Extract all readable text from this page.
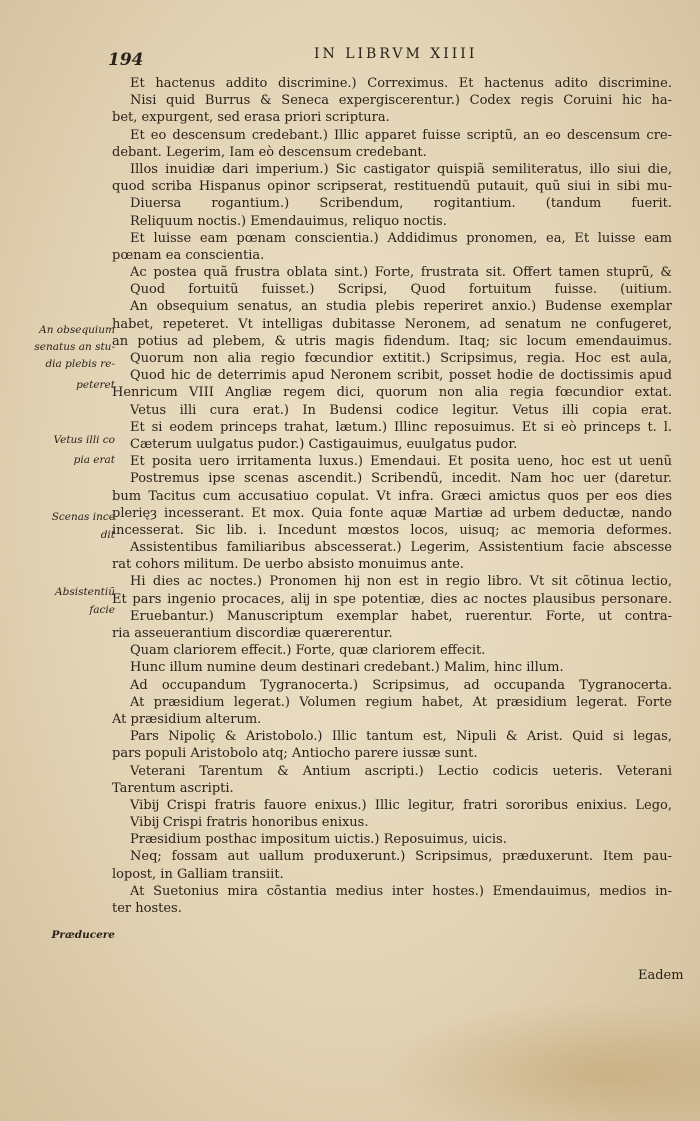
194	IN LIBRVM XIIII
An obsequium
senatus an stu-
dia plebis re-
peteret
Vetus illi co
pia erat
Scenas ince
dit
Absistentiũ
facie
Præducere
Et hactenus addito discrimine.) Correximus. Et hactenus adito discrimine.
Nisi quid Burrus & Seneca expergiscerentur.) Codex regis Coruini hic ha-
bet, expurgent, sed erasa priori scriptura.
Et eo descensum credebant.) Illic apparet fuisse scriptũ, an eo descensum cre-
debant. Legerim, Iam eò descensum credebant.
Illos inuidiæ dari imperium.) Sic castigator quispiã semiliteratus, illo siui die,
quod scriba Hispanus opinor scripserat, restituendũ putauit, quũ siui in sibi mu-
Diuersa rogantium.) Scribendum, rogitantium. (tandum fuerit.
Reliquum noctis.) Emendauimus, reliquo noctis.
Et luisse eam pœnam conscientia.) Addidimus pronomen, ea, Et luisse eam
pœnam ea conscientia.
Ac postea quã frustra oblata sint.) Forte, frustrata sit. Offert tamen stuprũ, &
Quod fortuitũ fuisset.) Scripsi, Quod fortuitum fuisse. (uitium.
An obsequium senatus, an studia plebis reperiret anxio.) Budense exemplar
habet, repeteret. Vt intelligas dubitasse Neronem, ad senatum ne confugeret,
an potius ad plebem, & utris magis fidendum. Itaq; sic locum emendauimus.
Quorum non alia regio fœcundior extitit.) Scripsimus, regia. Hoc est aula,
Quod hic de deterrimis apud Neronem scribit, posset hodie de doctissimis apud
Henricum VIII Angliæ regem dici, quorum non alia regia fœcundior extat.
Vetus illi cura erat.) In Budensi codice legitur. Vetus illi copia erat.
Et si eodem princeps trahat, lætum.) Illinc reposuimus. Et si eò princeps t. l.
Cæterum uulgatus pudor.) Castigauimus, euulgatus pudor.
Et posita uero irritamenta luxus.) Emendaui. Et posita ueno, hoc est ut uenũ
Postremus ipse scenas ascendit.) Scribendũ, incedit. Nam hoc uer (daretur.
bum Tacitus cum accusatiuo copulat. Vt infra. Græci amictus quos per eos dies
plerięȝ incesserant. Et mox. Quia fonte aquæ Martiæ ad urbem deductæ, nando
incesserat. Sic lib. i. Incedunt mœstos locos, uisuq; ac memoria deformes.
Assistentibus familiaribus abscesserat.) Legerim, Assistentium facie abscesse
rat cohors militum. De uerbo absisto monuimus ante.
Hi dies ac noctes.) Pronomen hĳ non est in regio libro. Vt sit cõtinua lectio,
Et pars ingenio procaces, alĳ in spe potentiæ, dies ac noctes plausibus personare.
Eruebantur.) Manuscriptum exemplar habet, ruerentur. Forte, ut contra-
ria asseuerantium discordiæ quærerentur.
Quam clariorem effecit.) Forte, quæ clariorem effecit.
Hunc illum numine deum destinari credebant.) Malim, hinc illum.
Ad occupandum Tygranocerta.) Scripsimus, ad occupanda Tygranocerta.
At præsidium legerat.) Volumen regium habet, At præsidium legerat. Forte
At præsidium alterum.
Pars Nipoliç & Aristobolo.) Illic tantum est, Nipuli & Arist. Quid si legas,
pars populi Aristobolo atq; Antiocho parere iussæ sunt.
Veterani Tarentum & Antium ascripti.) Lectio codicis ueteris. Veterani
Tarentum ascripti.
Vibĳ Crispi fratris fauore enixus.) Illic legitur, fratri sororibus enixius. Lego,
Vibĳ Crispi fratris honoribus enixus.
Præsidium posthac impositum uictis.) Reposuimus, uicis.
Neq; fossam aut uallum produxerunt.) Scripsimus, præduxerunt. Item pau-
lopost, in Galliam transiit.
At Suetonius mira cõstantia medius inter hostes.) Emendauimus, medios in-
ter hostes.
Eadem
